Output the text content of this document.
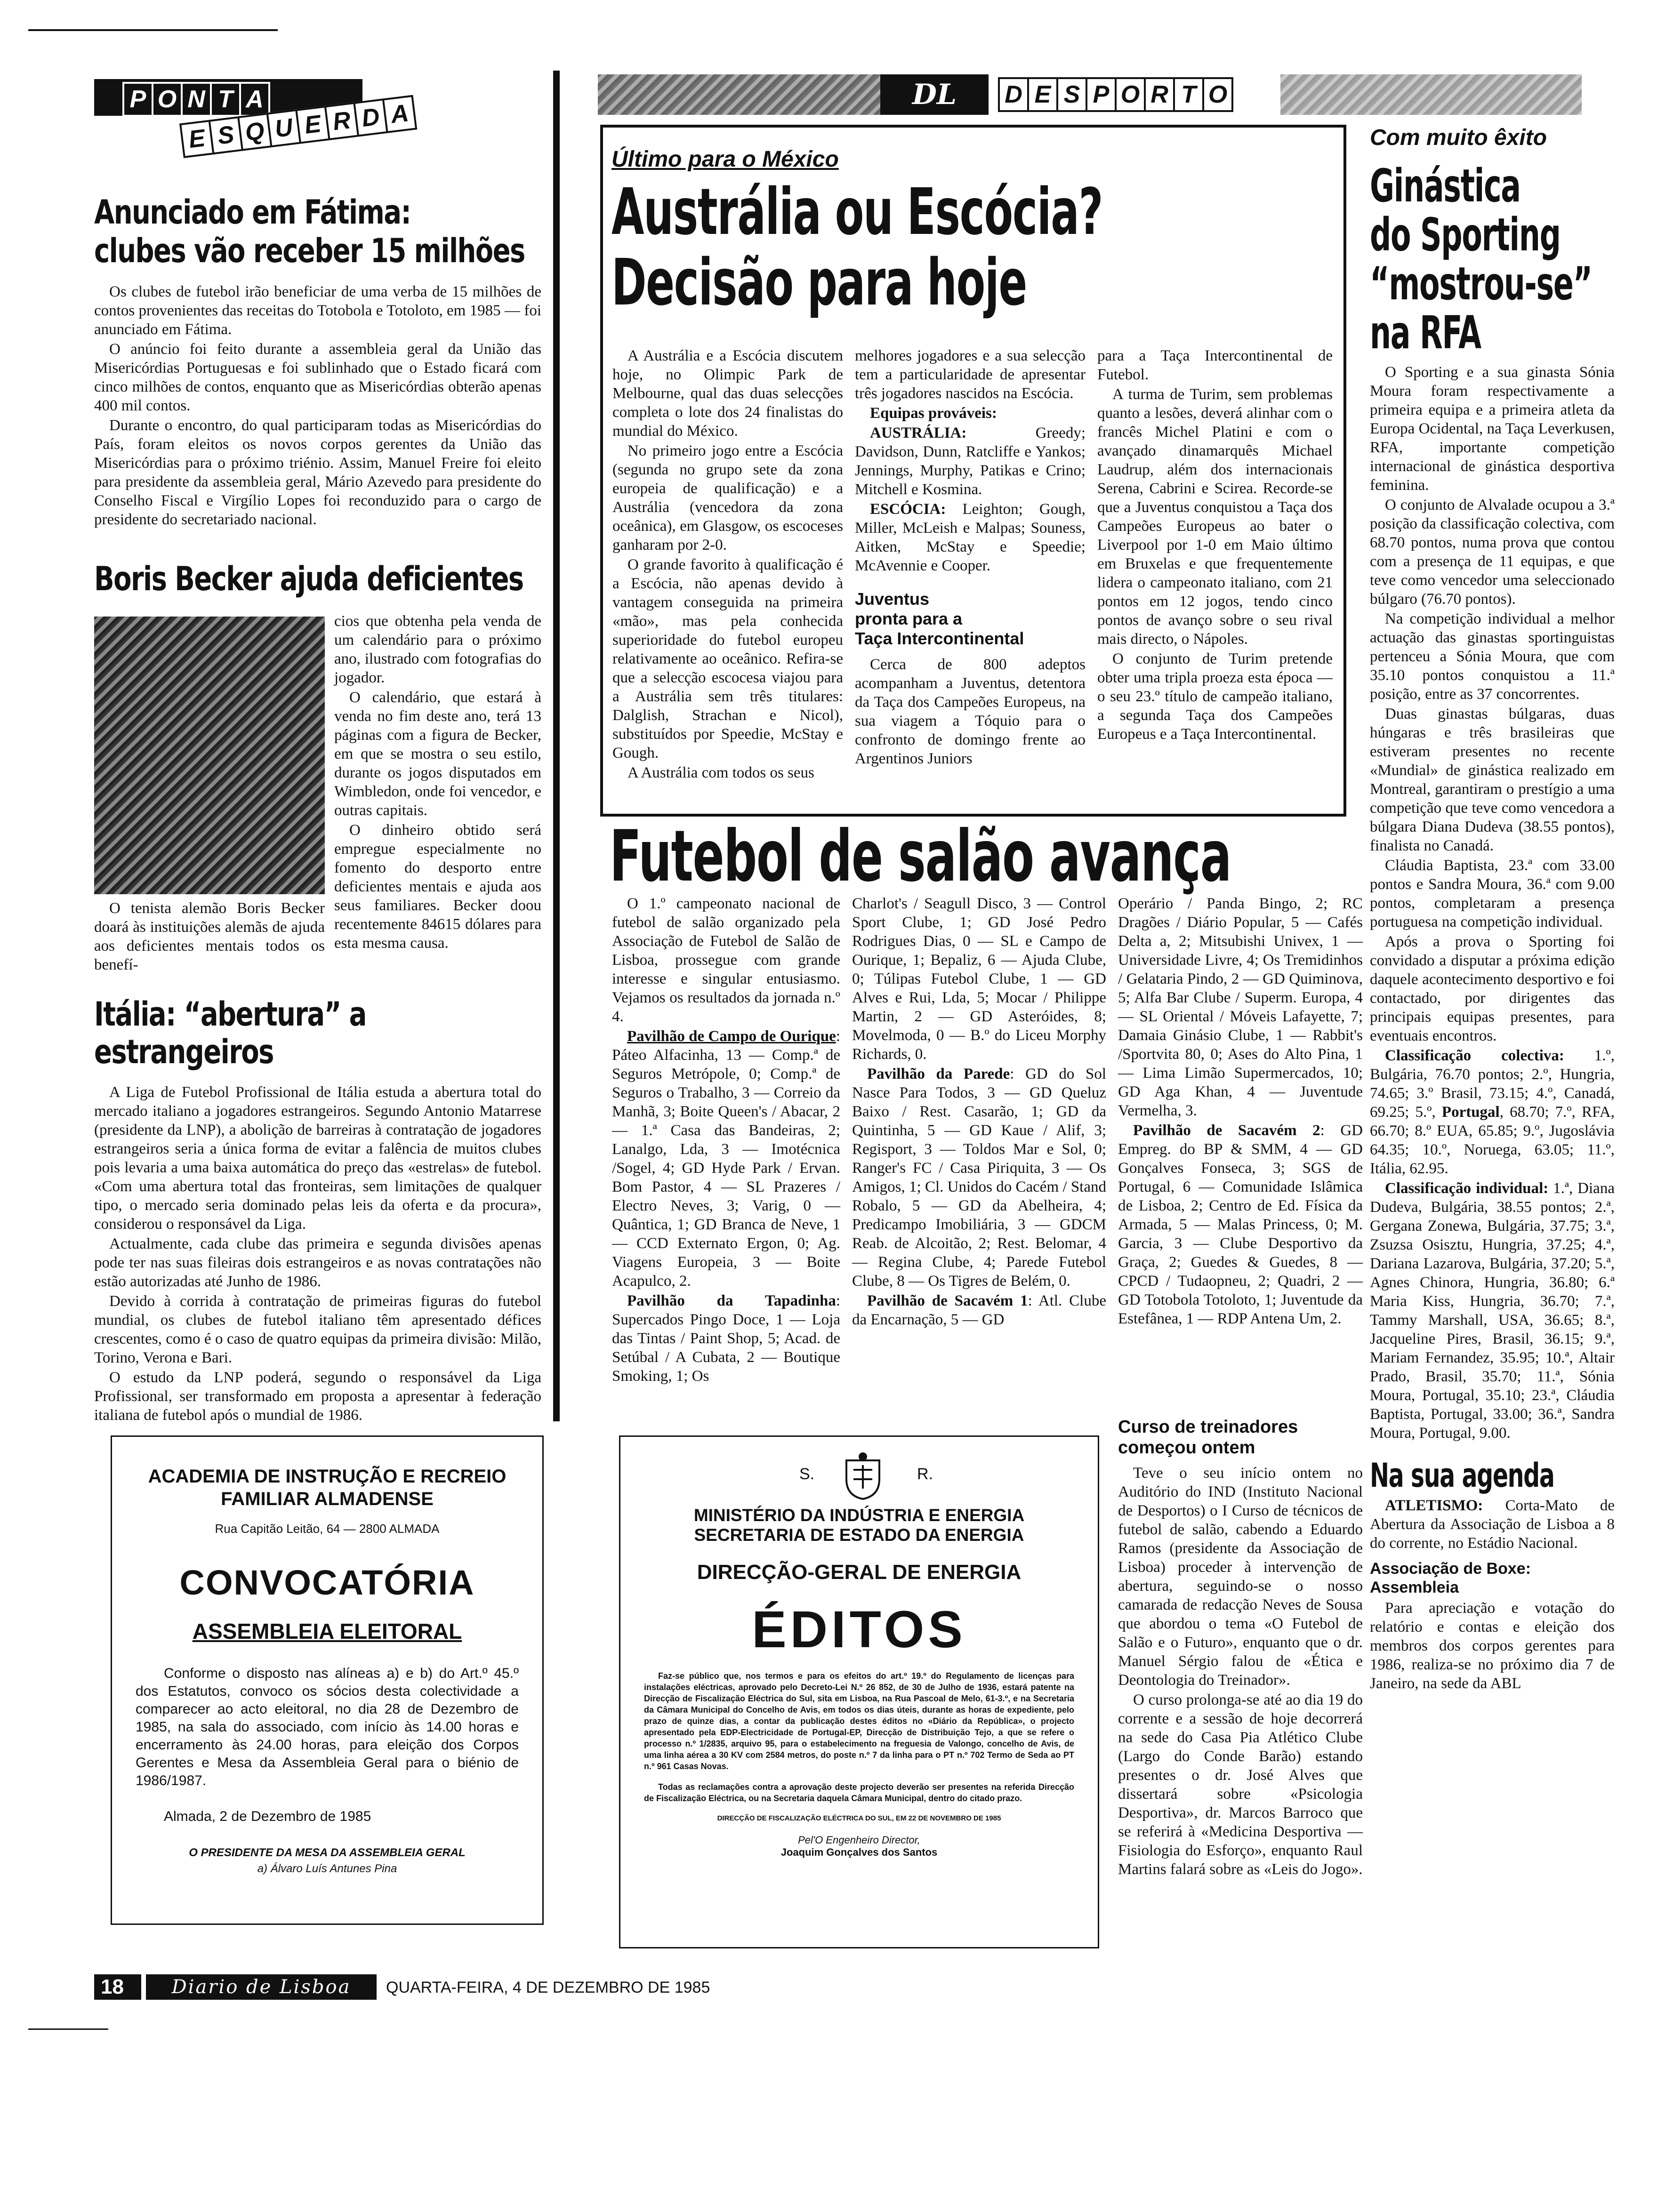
P O N T A
E S Q U E R D A
DL	D E S P O R T O
Anunciado em Fátima:
clubes vão receber 15 milhões

Os clubes de futebol irão beneficiar de uma verba de 15 milhões de contos provenientes das receitas do Totobola e Totoloto, em 1985 — foi anunciado em Fátima.

O anúncio foi feito durante a assembleia geral da União das Misericórdias Portuguesas e foi sublinhado que o Estado ficará com cinco milhões de contos, enquanto que as Misericórdias obterão apenas 400 mil contos.

Durante o encontro, do qual participaram todas as Misericórdias do País, foram eleitos os novos corpos gerentes da União das Misericórdias para o próximo triénio. Assim, Manuel Freire foi eleito para presidente da assembleia geral, Mário Azevedo para presidente do Conselho Fiscal e Virgílio Lopes foi reconduzido para o cargo de presidente do secretariado nacional.

Boris Becker ajuda deficientes

cios que obtenha pela venda de um calendário para o próximo ano, ilustrado com fotografias do jogador.

O calendário, que estará à venda no fim deste ano, terá 13 páginas com a figura de Becker, em que se mostra o seu estilo, durante os jogos disputados em Wimbledon, onde foi vencedor, e outras capitais.

O dinheiro obtido será empregue especialmente no fomento do desporto entre deficientes mentais e ajuda aos seus familiares. Becker doou recentemente 84615 dólares para esta mesma causa.

O tenista alemão Boris Becker doará às instituições alemãs de ajuda aos deficientes mentais todos os benefí-
Itália: “abertura” a estrangeiros

A Liga de Futebol Profissional de Itália estuda a abertura total do mercado italiano a jogadores estrangeiros. Segundo Antonio Matarrese (presidente da LNP), a abolição de barreiras à contratação de jogadores estrangeiros seria a única forma de evitar a falência de muitos clubes pois levaria a uma baixa automática do preço das «estrelas» de futebol. «Com uma abertura total das fronteiras, sem limitações de qualquer tipo, o mercado seria dominado pelas leis da oferta e da procura», considerou o responsável da Liga.

Actualmente, cada clube das primeira e segunda divisões apenas pode ter nas suas fileiras dois estrangeiros e as novas contratações não estão autorizadas até Junho de 1986.

Devido à corrida à contratação de primeiras figuras do futebol mundial, os clubes de futebol italiano têm apresentado défices crescentes, como é o caso de quatro equipas da primeira divisão: Milão, Torino, Verona e Bari.

O estudo da LNP poderá, segundo o responsável da Liga Profissional, ser transformado em proposta a apresentar à federação italiana de futebol após o mundial de 1986.

Último para o México
Austrália ou Escócia?
Decisão para hoje

A Austrália e a Escócia discutem hoje, no Olimpic Park de Melbourne, qual das duas selecções completa o lote dos 24 finalistas do mundial do México.

No primeiro jogo entre a Escócia (segunda no grupo sete da zona europeia de qualificação) e a Austrália (vencedora da zona oceânica), em Glasgow, os escoceses ganharam por 2-0.

O grande favorito à qualificação é a Escócia, não apenas devido à vantagem conseguida na primeira «mão», mas pela conhecida superioridade do futebol europeu relativamente ao oceânico. Refira-se que a selecção escocesa viajou para a Austrália sem três titulares: Dalglish, Strachan e Nicol), substituídos por Speedie, McStay e Gough.

A Austrália com todos os seus

melhores jogadores e a sua selecção tem a particularidade de apresentar três jogadores nascidos na Escócia.

Equipas prováveis:

AUSTRÁLIA: Greedy; Davidson, Dunn, Ratcliffe e Yankos; Jennings, Murphy, Patikas e Crino; Mitchell e Kosmina.

ESCÓCIA: Leighton; Gough, Miller, McLeish e Malpas; Souness, Aitken, McStay e Speedie; McAvennie e Cooper.

Juventus
pronta para a
Taça Intercontinental

Cerca de 800 adeptos acompanham a Juventus, detentora da Taça dos Campeões Europeus, na sua viagem a Tóquio para o confronto de domingo frente ao Argentinos Juniors

para a Taça Intercontinental de Futebol.

A turma de Turim, sem problemas quanto a lesões, deverá alinhar com o francês Michel Platini e com o avançado dinamarquês Michael Laudrup, além dos internacionais Serena, Cabrini e Scirea. Recorde-se que a Juventus conquistou a Taça dos Campeões Europeus ao bater o Liverpool por 1-0 em Maio último em Bruxelas e que frequentemente lidera o campeonato italiano, com 21 pontos em 12 jogos, tendo cinco pontos de avanço sobre o seu rival mais directo, o Nápoles.

O conjunto de Turim pretende obter uma tripla proeza esta época — o seu 23.º título de campeão italiano, a segunda Taça dos Campeões Europeus e a Taça Intercontinental.

Futebol de salão avança

O 1.º campeonato nacional de futebol de salão organizado pela Associação de Futebol de Salão de Lisboa, prossegue com grande interesse e singular entusiasmo. Vejamos os resultados da jornada n.º 4.

Pavilhão de Campo de Ourique: Páteo Alfacinha, 13 — Comp.ª de Seguros Metrópole, 0; Comp.ª de Seguros o Trabalho, 3 — Correio da Manhã, 3; Boite Queen's / Abacar, 2 — 1.ª Casa das Bandeiras, 2; Lanalgo, Lda, 3 — Imotécnica /Sogel, 4; GD Hyde Park / Ervan. Bom Pastor, 4 — SL Prazeres / Electro Neves, 3; Varig, 0 — Quântica, 1; GD Branca de Neve, 1 — CCD Externato Ergon, 0; Ag. Viagens Europeia, 3 — Boite Acapulco, 2.

Pavilhão da Tapadinha: Supercados Pingo Doce, 1 — Loja das Tintas / Paint Shop, 5; Acad. de Setúbal / A Cubata, 2 — Boutique Smoking, 1; Os

Charlot's / Seagull Disco, 3 — Control Sport Clube, 1; GD José Pedro Rodrigues Dias, 0 — SL e Campo de Ourique, 1; Bepaliz, 6 — Ajuda Clube, 0; Túlipas Futebol Clube, 1 — GD Alves e Rui, Lda, 5; Mocar / Philippe Martin, 2 — GD Asteróides, 8; Movelmoda, 0 — B.º do Liceu Morphy Richards, 0.

Pavilhão da Parede: GD do Sol Nasce Para Todos, 3 — GD Queluz Baixo / Rest. Casarão, 1; GD da Quintinha, 5 — GD Kaue / Alif, 3; Regisport, 3 — Toldos Mar e Sol, 0; Ranger's FC / Casa Piriquita, 3 — Os Amigos, 1; Cl. Unidos do Cacém / Stand Robalo, 5 — GD da Abelheira, 4; Predicampo Imobiliária, 3 — GDCM Reab. de Alcoitão, 2; Rest. Belomar, 4 — Regina Clube, 4; Parede Futebol Clube, 8 — Os Tigres de Belém, 0.

Pavilhão de Sacavém 1: Atl. Clube da Encarnação, 5 — GD

Operário / Panda Bingo, 2; RC Dragões / Diário Popular, 5 — Cafés Delta a, 2; Mitsubishi Univex, 1 — Universidade Livre, 4; Os Tremidinhos / Gelataria Pindo, 2 — GD Quiminova, 5; Alfa Bar Clube / Superm. Europa, 4 — SL Oriental / Móveis Lafayette, 7; Damaia Ginásio Clube, 1 — Rabbit's /Sportvita 80, 0; Ases do Alto Pina, 1 — Lima Limão Supermercados, 10; GD Aga Khan, 4 — Juventude Vermelha, 3.

Pavilhão de Sacavém 2: GD Empreg. do BP & SMM, 4 — GD Gonçalves Fonseca, 3; SGS de Portugal, 6 — Comunidade Islâmica de Lisboa, 2; Centro de Ed. Física da Armada, 5 — Malas Princess, 0; M. Garcia, 3 — Clube Desportivo da Graça, 2; Guedes & Guedes, 8 — CPCD / Tudaopneu, 2; Quadri, 2 — GD Totobola Totoloto, 1; Juventude da Estefânea, 1 — RDP Antena Um, 2.

Curso de treinadores
começou ontem

Teve o seu início ontem no Auditório do IND (Instituto Nacional de Desportos) o I Curso de técnicos de futebol de salão, cabendo a Eduardo Ramos (presidente da Associação de Lisboa) proceder à intervenção de abertura, seguindo-se o nosso camarada de redacção Neves de Sousa que abordou o tema «O Futebol de Salão e o Futuro», enquanto que o dr. Manuel Sérgio falou de «Ética e Deontologia do Treinador».

O curso prolonga-se até ao dia 19 do corrente e a sessão de hoje decorrerá na sede do Casa Pia Atlético Clube (Largo do Conde Barão) estando presentes o dr. José Alves que dissertará sobre «Psicologia Desportiva», dr. Marcos Barroco que se referirá à «Medicina Desportiva — Fisiologia do Esforço», enquanto Raul Martins falará sobre as «Leis do Jogo».

Com muito êxito
Ginástica
do Sporting
“mostrou-se”
na RFA

O Sporting e a sua ginasta Sónia Moura foram respectivamente a primeira equipa e a primeira atleta da Europa Ocidental, na Taça Leverkusen, RFA, importante competição internacional de ginástica desportiva feminina.

O conjunto de Alvalade ocupou a 3.ª posição da classificação colectiva, com 68.70 pontos, numa prova que contou com a presença de 11 equipas, e que teve como vencedor uma seleccionado búlgaro (76.70 pontos).

Na competição individual a melhor actuação das ginastas sportinguistas pertenceu a Sónia Moura, que com 35.10 pontos conquistou a 11.ª posição, entre as 37 concorrentes.

Duas ginastas búlgaras, duas húngaras e três brasileiras que estiveram presentes no recente «Mundial» de ginástica realizado em Montreal, garantiram o prestígio a uma competição que teve como vencedora a búlgara Diana Dudeva (38.55 pontos), finalista no Canadá.

Cláudia Baptista, 23.ª com 33.00 pontos e Sandra Moura, 36.ª com 9.00 pontos, completaram a presença portuguesa na competição individual.

Após a prova o Sporting foi convidado a disputar a próxima edição daquele acontecimento desportivo e foi contactado, por dirigentes das principais equipas presentes, para eventuais encontros.

Classificação colectiva: 1.º, Bulgária, 76.70 pontos; 2.º, Hungria, 74.65; 3.º Brasil, 73.15; 4.º, Canadá, 69.25; 5.º, Portugal, 68.70; 7.º, RFA, 66.70; 8.º EUA, 65.85; 9.º, Jugoslávia 64.35; 10.º, Noruega, 63.05; 11.º, Itália, 62.95.

Classificação individual: 1.ª, Diana Dudeva, Bulgária, 38.55 pontos; 2.ª, Gergana Zonewa, Bulgária, 37.75; 3.ª, Zsuzsa Osisztu, Hungria, 37.25; 4.ª, Dariana Lazarova, Bulgária, 37.20; 5.ª, Agnes Chinora, Hungria, 36.80; 6.ª Maria Kiss, Hungria, 36.70; 7.ª, Tammy Marshall, USA, 36.65; 8.ª, Jacqueline Pires, Brasil, 36.15; 9.ª, Mariam Fernandez, 35.95; 10.ª, Altair Prado, Brasil, 35.70; 11.ª, Sónia Moura, Portugal, 35.10; 23.ª, Cláudia Baptista, Portugal, 33.00; 36.ª, Sandra Moura, Portugal, 9.00.

Na sua agenda

ATLETISMO: Corta-Mato de Abertura da Associação de Lisboa a 8 do corrente, no Estádio Nacional.

Associação de Boxe: Assembleia

Para apreciação e votação do relatório e contas e eleição dos membros dos corpos gerentes para 1986, realiza-se no próximo dia 7 de Janeiro, na sede da ABL

ACADEMIA DE INSTRUÇÃO E RECREIO
FAMILIAR ALMADENSE
Rua Capitão Leitão, 64 — 2800 ALMADA
CONVOCATÓRIA
ASSEMBLEIA ELEITORAL
Conforme o disposto nas alíneas a) e b) do Art.º 45.º dos Estatutos, convoco os sócios desta colectividade a comparecer ao acto eleitoral, no dia 28 de Dezembro de 1985, na sala do associado, com início às 14.00 horas e encerramento às 24.00 horas, para eleição dos Corpos Gerentes e Mesa da Assembleia Geral para o biénio de 1986/1987.
Almada, 2 de Dezembro de 1985
O PRESIDENTE DA MESA DA ASSEMBLEIA GERAL
a) Álvaro Luís Antunes Pina
S.	R.
MINISTÉRIO DA INDÚSTRIA E ENERGIA
SECRETARIA DE ESTADO DA ENERGIA
DIRECÇÃO-GERAL DE ENERGIA
ÉDITOS
Faz-se público que, nos termos e para os efeitos do art.º 19.º do Regulamento de licenças para instalações eléctricas, aprovado pelo Decreto-Lei N.º 26 852, de 30 de Julho de 1936, estará patente na Direcção de Fiscalização Eléctrica do Sul, sita em Lisboa, na Rua Pascoal de Melo, 61-3.º, e na Secretaria da Câmara Municipal do Concelho de Avis, em todos os dias úteis, durante as horas de expediente, pelo prazo de quinze dias, a contar da publicação destes éditos no «Diário da República», o projecto apresentado pela EDP-Electricidade de Portugal-EP, Direcção de Distribuição Tejo, a que se refere o processo n.º 1/2835, arquivo 95, para o estabelecimento na freguesia de Valongo, concelho de Avis, de uma linha aérea a 30 KV com 2584 metros, do poste n.º 7 da linha para o PT n.º 702 Termo de Seda ao PT n.º 961 Casas Novas.
Todas as reclamações contra a aprovação deste projecto deverão ser presentes na referida Direcção de Fiscalização Eléctrica, ou na Secretaria daquela Câmara Municipal, dentro do citado prazo.
DIRECÇÃO DE FISCALIZAÇÃO ELÉCTRICA DO SUL, EM 22 DE NOVEMBRO DE 1985
Pel'O Engenheiro Director,
Joaquim Gonçalves dos Santos
18	Diario de Lisboa	QUARTA-FEIRA, 4 DE DEZEMBRO DE 1985
